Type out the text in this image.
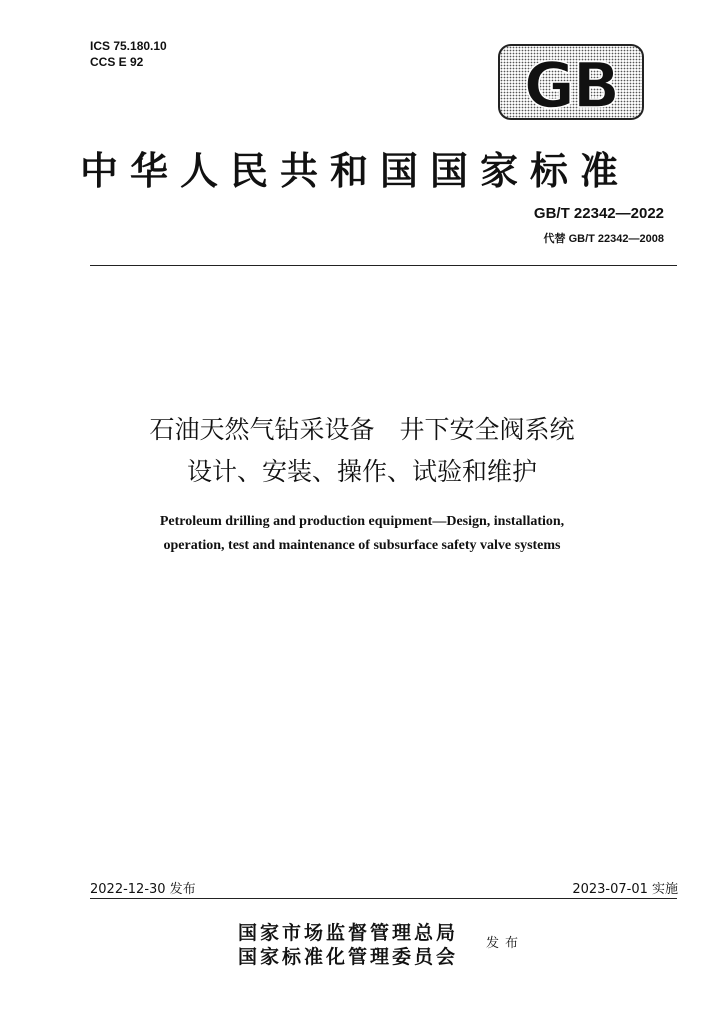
ICS 75.180.10
CCS E 92	GB
中华人民共和国国家标准
GB/T 22342—2022
代替 GB/T 22342—2008
石油天然气钻采设备　井下安全阀系统
设计、安装、操作、试验和维护
Petroleum drilling and production equipment—Design, installation,
operation, test and maintenance of subsurface safety valve systems
2022-12-30 发布	2023-07-01 实施
国家市场监督管理总局
国家标准化管理委员会
发布
